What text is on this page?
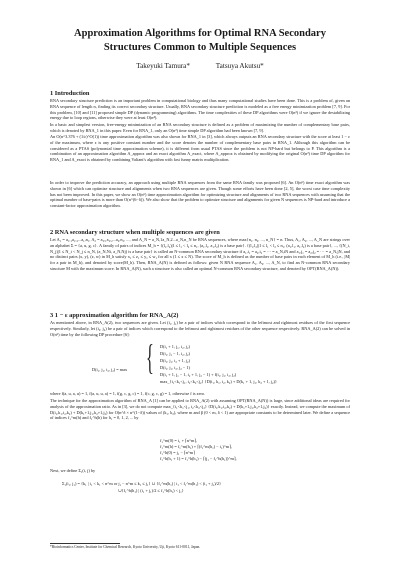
Approximation Algorithms for Optimal RNA Secondary
Structures Common to Multiple Sequences
Takeyuki Tamura*	Tatsuya Akutsu*
1 Introduction
RNA secondary structure prediction is an important problem in computational biology and thus many computational studies have been done. This is a problem of, given an RNA sequence of length n, finding its correct secondary structure. Usually, RNA secondary structure prediction is modeled as a free energy minimization problem [7, 9]. For this problem, [10] and [11] proposed simple DP (dynamic programming) algorithms. The time complexities of these DP algorithms were O(n³) if we ignore the destabilizing energy due to loop regions, otherwise they were at least O(n⁴).
In a basic and simplest version, free-energy minimization of an RNA secondary structure is defined as a problem of maximizing the number of complementary base pairs, which is denoted by RNA_1 in this paper. Even for RNA_1, only an O(n³) time simple DP algorithm had been known [7, 9].
An O(n^3.376 + (1/ε)^O(1)) time approximation algorithm was also shown for RNA_1 in [3], which always outputs an RNA secondary structure with the score at least 1 − ε of the maximum, where ε is any positive constant number and the score denotes the number of complementary base pairs in RNA_1. Although this algorithm can be considered as a PTAS (polynomial time approximation scheme), it is different from usual PTAS since the problem is not NP-hard but belongs to P. This algorithm is a combination of an approximation algorithm A_approx and an exact algorithm A_exact, where A_approx is obtained by modifying the original O(n³) time DP algorithm for RNA_1 and A_exact is obtained by combining Valiant's algorithm with fast funny matrix multiplication.
In order to improve the prediction accuracy, an approach using multiple RNA sequences from the same RNA family was proposed [6]. An O(n⁶) time exact algorithm was shown in [6] which can optimize structure and alignments when two RNA sequences are given. Though some efforts have been done [2, 5], the worst case time complexity has not been improved. In this paper, we show an O(n⁶) time approximation algorithm for optimizing structure and alignments of two RNA sequences with assuming that the optimal number of base-pairs is more than O(n^(6−δ)). We also show that the problem to optimize structure and alignments for given N sequences is NP-hard and introduce a constant-factor approximation algorithm.
2 RNA secondary structure when multiple sequences are given
Let A₁ = a₁,₁a₁,₂...a₁,n₁, A₂ = a₂,₁a₂,₂...a₂,n₂, ..., and A_N = a_N,1a_N,2...a_N,n_N be RNA sequences, where max{n₁, n₂, ..., n_N} = n. Thus, A₁, A₂, ..., A_N are strings over an alphabet Σ = {a, u, g, c}. A family of pairs of indices M_h = {(l₁,l₂)|1 ≤ l₁ < l₂ ≤ n₁, (a₁,l₁, a₁,l₂) is a base pair}. {(l₁,l₂)|1 ≤ l₁ < l₂ ≤ n₁, (a₁,l₁, a₁,l₂) is a base pair}, ..., {(N_i, N_j)|1 ≤ N_i < N_j ≤ n_N, (a_N,Ni, a_N,Nj) is a base pair} is called an N-common RNA secondary structure if a₁,i₁ = a₂,i₂ = ··· = a_N,iN and a₁,j₁ = a₂,j₂ = ··· = a_N,jN, and no distinct pairs (x, y), (z, w) in M_h satisfy x₁ ≤ z₁ ≤ y₁ ≤ w₁ for all x (1 ≤ x ≤ N). The score of M_h is defined as the number of base pairs in each element of M_h (i.e., |M| for a pair in M_h), and denoted by score(M_h). Then, RNA_A(N) is defined as follows: given N RNA sequence A₁, A₂, ..., A_N, to find an N-common RNA secondary structure M with the maximum score. In RNA_A(N), such a structure is also called an optimal N-common RNA secondary structure, and denoted by OPT(RNA_A(N)).
3 1 − ε approximation algorithm for RNA_A(2)
As mentioned above, in RNA_A(2), two sequences are given. Let (i₁, j₁) be a pair of indices which correspond to the leftmost and rightmost residues of the first sequence respectively. Similarly, let (i₂, j₂) be a pair of indices which correspond to the leftmost and rightmost residues of the other sequence respectively. RNA_A(2) can be solved in O(n⁶) time by the following DP procedure [6]:
D(i₁, j₁, i₂, j₂) = max { D(i₁ + 1, j₁, i₂, j₂)
D(i₁, j₁ − 1, i₂, j₂)
D(i₁, j₁, i₂ + 1, j₂)
D(i₁, j₁, i₂, j₂ − 1)
D(i₁ + 1, j₁ − 1, i₂ + 1, j₂ − 1) + f(i₁, j₁, i₂, j₂)
max_{i₁<k₁<j₁, i₂<k₂<j₂} {D(i₁, k₁, i₂, k₂) + D(k₁ + 1, j₁, k₂ + 1, j₂)}
where f(a, u, a, u) = 1, f(a, u, u, a) = 1, f(g, c, g, c) = 1, f(c, g, c, g) = 1, otherwise f is zero.
The technique for the approximation algorithm of RNA_A [1] can be applied to RNA_A(2) with assuming OPT(RNA_A(N)) is large, since additional ideas are required for analysis of the approximation ratio. As in [3], we do not compute max_{i₁<k₁<j₁, i₂<k₂<j₂} {D(i₁,k₁,i₂,k₂) + D(k₁+1,j₁,k₂+1,j₂)} exactly. Instead, we compute the maximum of D(i₁,k₁,i₂,k₂) + D(k₁+1,j₁,k₂+1,j₂) for O(n^δ × n^(1−δ)) values of (k₁, k₂), where m and β (0 < m, δ < 1) are appropriate constants to be determined later. We define a sequence of indices f₁^m(h) and f₁^h(h) for h₁ = 0, 1, 2, ... by
f₁^m(0) = i₁ + ⌈n^m⌉,
f₁^m(h) = f₁^m(h₁) + ⌈(f₁^m(h₁) − i₁)^m⌉,
f₁^h(0) = j₁ − ⌈n^m⌉
f₁^h(h₁ + 1) = f₁^h(h₁) − ⌈(j₁ − f₁^h(h₁))^m⌉,
Next, we define Σ₁(i, j) by
Σ₁(i₁, j₁) = {k₁ | i₁ < k₁ < n^m or j₁ − n^m ≤ k₁ ≤ j₁} ∪ {f₁^m(h₁) | i₁ < f₁^m(h₁) < (i₁ + j₁)/2}
∪{f₁^h(h₁) | (i₁ + j₁)/2 ≤ f₁^h(h₁) < j₁}
*Bioinformatics Center, Institute for Chemical Research, Kyoto University, Uji, Kyoto 611-0011, Japan.
